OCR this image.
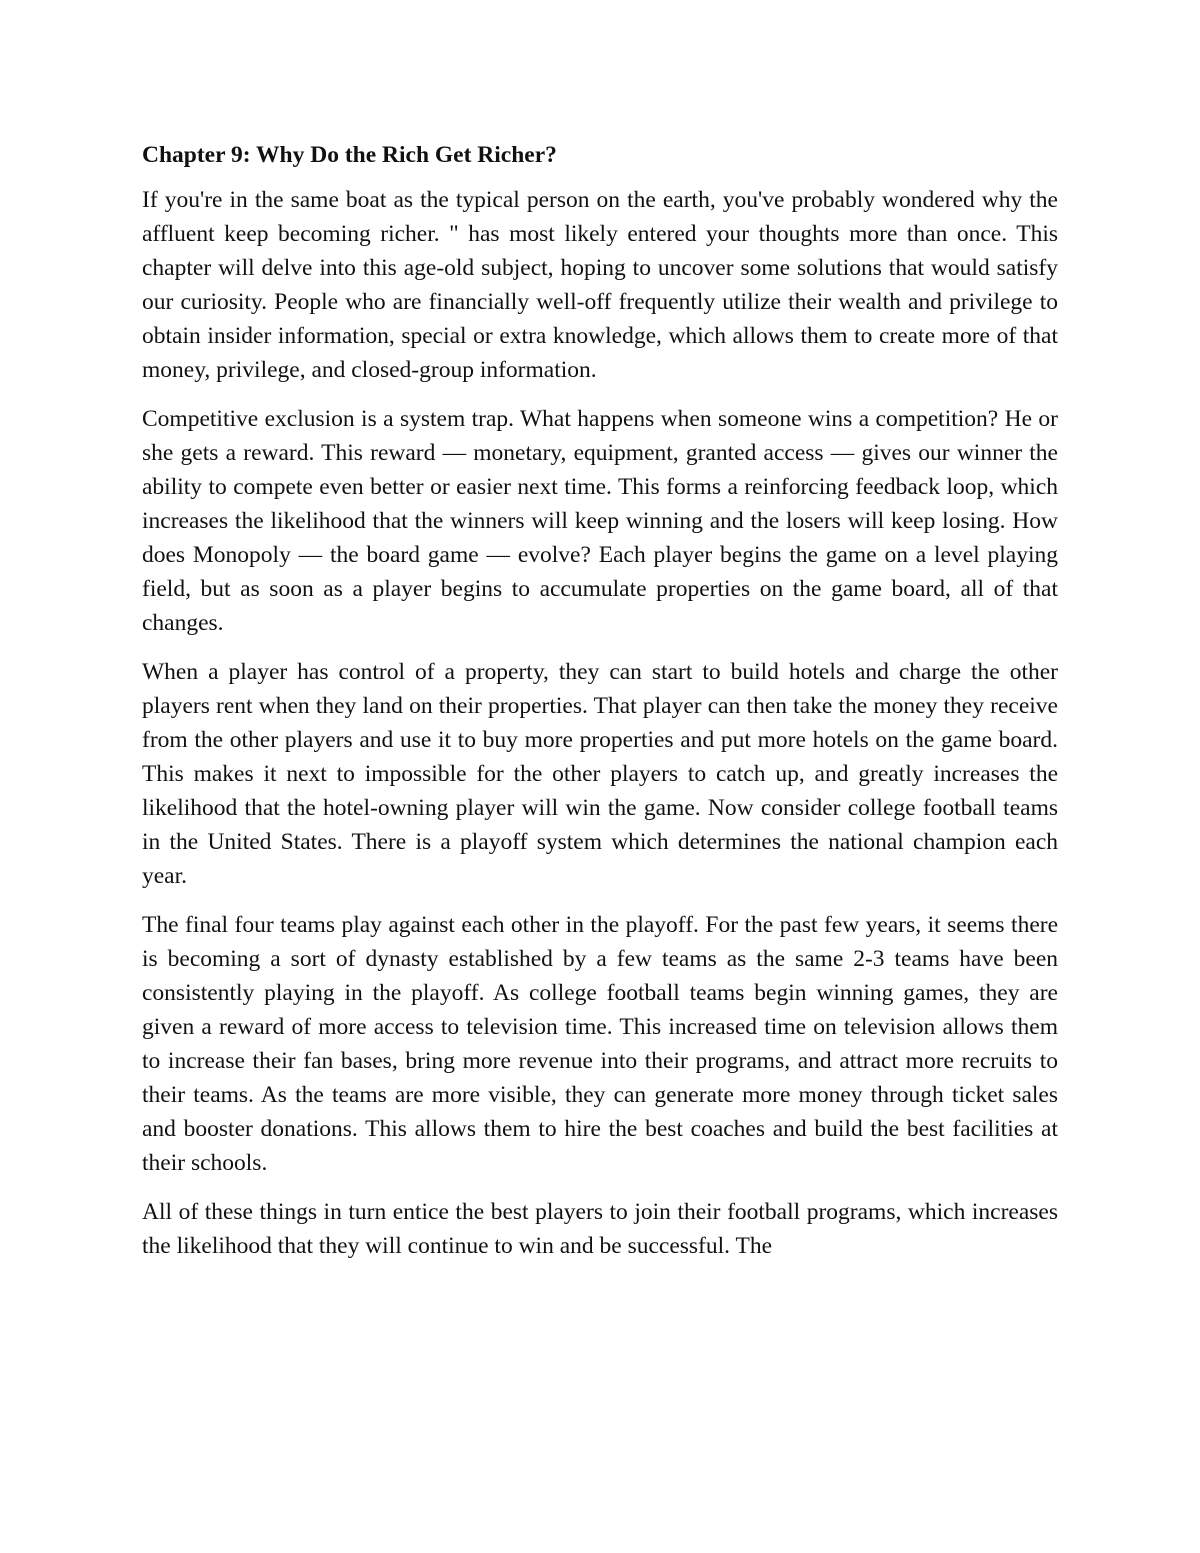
Chapter 9: Why Do the Rich Get Richer?

If you're in the same boat as the typical person on the earth, you've probably wondered why the affluent keep becoming richer. " has most likely entered your thoughts more than once. This chapter will delve into this age-old subject, hoping to uncover some solutions that would satisfy our curiosity. People who are financially well-off frequently utilize their wealth and privilege to obtain insider information, special or extra knowledge, which allows them to create more of that money, privilege, and closed-group information.

Competitive exclusion is a system trap. What happens when someone wins a competition? He or she gets a reward. This reward — monetary, equipment, granted access — gives our winner the ability to compete even better or easier next time. This forms a reinforcing feedback loop, which increases the likelihood that the winners will keep winning and the losers will keep losing. How does Monopoly — the board game — evolve? Each player begins the game on a level playing field, but as soon as a player begins to accumulate properties on the game board, all of that changes.

When a player has control of a property, they can start to build hotels and charge the other players rent when they land on their properties. That player can then take the money they receive from the other players and use it to buy more properties and put more hotels on the game board. This makes it next to impossible for the other players to catch up, and greatly increases the likelihood that the hotel-owning player will win the game. Now consider college football teams in the United States. There is a playoff system which determines the national champion each year.

The final four teams play against each other in the playoff. For the past few years, it seems there is becoming a sort of dynasty established by a few teams as the same 2-3 teams have been consistently playing in the playoff. As college football teams begin winning games, they are given a reward of more access to television time. This increased time on television allows them to increase their fan bases, bring more revenue into their programs, and attract more recruits to their teams. As the teams are more visible, they can generate more money through ticket sales and booster donations. This allows them to hire the best coaches and build the best facilities at their schools.

All of these things in turn entice the best players to join their football programs, which increases the likelihood that they will continue to win and be successful. The
